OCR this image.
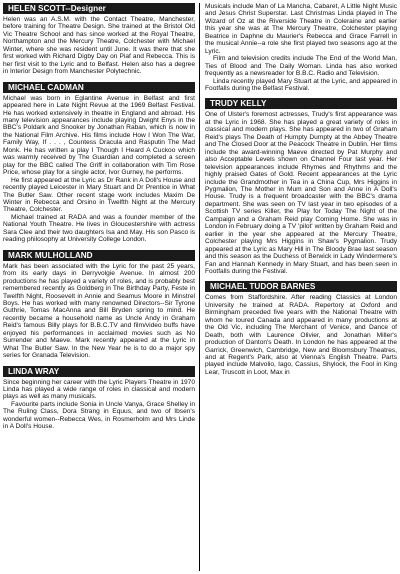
HELEN SCOTT--Designer

Helen was an A.S.M. with the Contact Theatre, Manchester, before training for Theatre Design. She trained at the Bristol Old Vic Theatre School and has since worked at the Royal Theatre, Northampton and the Mercury Theatre, Colchester with Michael Winter, where she was resident until June. It was there that she first worked with Richard Digby Day on Piaf and Rebecca. This is her first visit to the Lyric and to Belfast. Helen also has a degree in Interior Design from Manchester Polytechnic.

MICHAEL CADMAN

Michael was born in Eglantine Avenue in Belfast and first appeared here in Late Night Revue at the 1969 Belfast Festival. He has worked extensively in theatre in England and abroad. His many television appearances include playing Dwight Enys in the BBC's Poldark and Snooker by Jonathan Raban, which is now in the National Film Archive. His films include How I Won The War, Family Way, If . . . , Countess Dracula and Rasputin The Mad Monk. He has written a play I Though I Heard A Cuckoo which was warmly received by The Guardian and completed a screen play for the BBC called The Griff in collaboration with Tim Rose Price, whose play for a single actor, Ivor Gurney, he performs.

He first appeared at the Lyric as Dr Rank in A Doll's House and recently played Leicester in Mary Stuart and Dr Prentice in What The Butler Saw. Other recent stage work includes Maxim De Winter in Rebecca and Orsino in Twelfth Night at the Mercury Theatre, Colchester.

Michael trained at RADA and was a founder member of the National Youth Theatre. He lives in Gloucestershire with actress Sara Clee and their two daughters Isa and May. His son Pasco is reading philosophy at University College London.

MARK MULHOLLAND

Mark has been associated with the Lyric for the past 25 years, from its early days in Derryvolgie Avenue. In almost 200 productions he has played a variety of roles, and is probably best remembered recently as Goldberg in The Birthday Party, Feste in Twelfth Night, Roosevelt in Annie and Seamus Moore in Minstrel Boys. He has worked with many renowned Directors--Sir Tyrone Guthrie, Tomas MacAnna and Bill Bryden spring to mind. He recently became a household name as Uncle Andy in Graham Reid's famous Billy plays for B.B.C.TV and film/video buffs have enjoyed his performances in acclaimed movies such as No Surrender and Maeve. Mark recently appeared at the Lyric in What The Butler Saw. In the New Year he is to do a major spy series for Granada Television.

LINDA WRAY

Since beginning her career with the Lyric Players Theatre in 1970 Linda has played a wide range of roles in classical and modern plays as well as many musicals.

Favourite parts include Sonia in Uncle Vanya, Grace Shelley in The Ruling Class, Dora Strang in Equus, and two of Ibsen's wonderful women--Rebecca Wes, in Rosmerholm and Mrs Linde in A Doll's House.

Musicals include Man of La Mancha, Cabaret, A Little Night Music and Jesus Christ Superstar. Last Christmas Linda played in The Wizard of Oz at the Riverside Theatre in Coleraine and earlier this year she was at The Mercury Theatre, Colchester playing Beatrice in Daphne du Maurier's Rebecca and Grace Farrell in the musical Annie--a role she first played two seasons ago at the Lyric.

Film and television credits include The End of the World Man, Ties of Blood and The Daily Woman. Linda has also worked frequently as a newsreader for B.B.C. Radio and Television.

Linda recently played Mary Stuart at the Lyric, and appeared in Footfalls during the Belfast Festival.

TRUDY KELLY

One of Ulster's foremost actresses, Trudy's first appearance was at the Lyric in 1968. She has played a great variety of roles in classical and modern plays. She has appeared in two of Graham Reid's plays The Death of Humpty Dumpty at the Abbey Theatre and The Closed Door at the Peacock Theatre in Dublin. Her films include the award-winning Maeve directed by Pat Murphy and also Acceptable Levels shown on Channel Four last year. Her television appearances include Rhymes and Rhythms and the highly praised Gates of Gold. Recent appearances at the Lyric include the Grandmother in Tea in a China Cup, Mrs Higgins in Pygmalion, The Mother in Mum and Son and Anne in A Doll's House. Trudy is a frequent broadcaster with the BBC's drama department. She was seen on TV last year in two episodes of a Scottish TV series Killer, the Play for Today The Night of the Campaign and a Graham Reid play Coming Home. She was in London in February doing a TV 'pilot' written by Graham Reid and earlier in the year she appeared at the Mercury Theatre, Colchester playing Mrs Higgins in Shaw's Pygmalion. Trudy appeared at the Lyric as Mary Hill in The Bloody Brae last season and this season as the Duchess of Berwick in Lady Windermere's Fan and Hannah Kennedy in Mary Stuart, and has been seen in Footfalls during the Festival.

MICHAEL TUDOR BARNES

Comes from Staffordshire. After reading Classics at London University he trained at RADA. Repertory at Oxford and Birmingham preceded five years with the National Theatre with whom he toured Canada and appeared in many productions at the Old Vic, including The Merchant of Venice, and Dance of Death, both with Laurence Olivier, and Jonathan Miller's production of Danton's Death. In London he has appeared at the Garrick, Greenwich, Cambridge, New and Bloomsbury Theatres, and at Regent's Park, also at Vienna's English Theatre. Parts played include Malvolio, Iago, Cassius, Shylock, the Fool in King Lear, Truscott in Loot, Max in
